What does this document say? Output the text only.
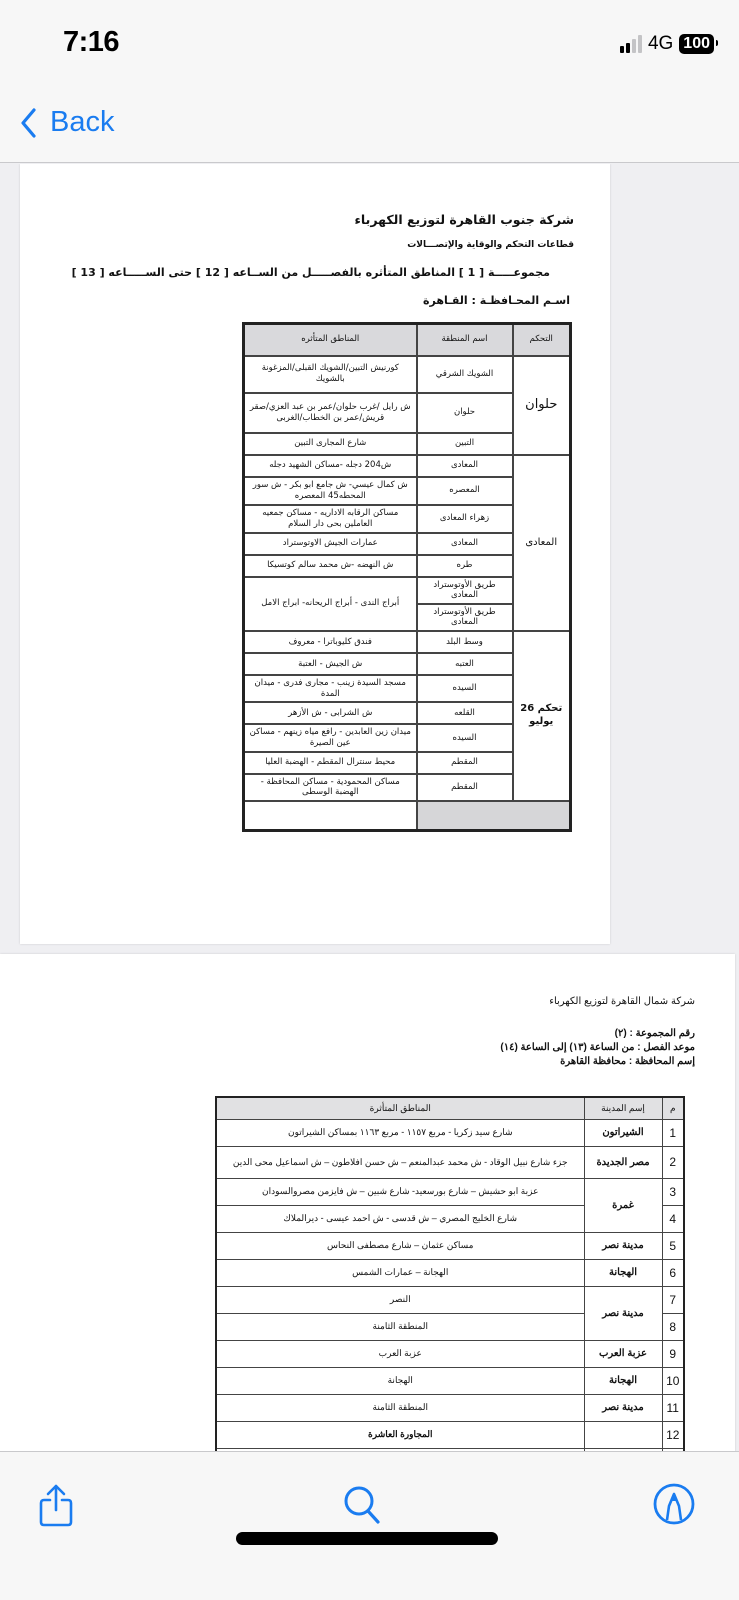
7:16	4G 100
Back
شركة جنوب القاهرة لتوزيع الكهرباء
قطاعات التحكم والوقاية والإتصـــالات
مجموعـــــة [ 1 ] المناطق المتأثره بالفصـــــل من الســاعه [ 12 ] حتى الســـــاعه [ 13 ]
اسـم المحـافظـة : القـاهرة
التحكم	اسم المنطقة	المناطق المتأثره
حلوان	الشويك الشرقي	كورنيش التبين/الشويك القبلى/المزغونة بالشويك
	حلوان	ش رايل /غرب حلوان/عمر بن عبد العزي/صقر قريش/عمر بن الخطاب/الغربى
	التبين	شارع المجارى التبين
المعادى	المعادى	ش204 دجله -مساكن الشهيد دجله
	المعصره	ش كمال عيسي- ش جامع ابو بكر - ش سور المحطه45 المعصره
	زهراء المعادى	مساكن الرقابه الاداريه - مساكن جمعيه العاملين بحى دار السلام
	المعادى	عمارات الجيش الاوتوستراد
	طره	ش النهضه -ش محمد سالم كوتسيكا
	طريق الأوتوستراد المعادى	أبراج الندى - أبراج الريحانه- ابراج الامل
	طريق الأوتوستراد المعادى	
تحكم 26 يوليو	وسط البلد	فندق كليوباترا - معروف
	العتبه	ش الجيش - العتبة
	السيده	مسجد السيدة زينب - مجارى فدرى - ميدان المدة
	القلعه	ش الشرابى - ش الأزهر
	السيده	ميدان زين العابدين - رافع مياه زينهم - مساكن عين الصيرة
	المقطم	محيط سنترال المقطم - الهضبة العليا
	المقطم	مساكن المحمودية - مساكن المحافظة - الهضبة الوسطى

شركة شمال القاهرة لتوزيع الكهرباء
رقم المجموعة : (٢)
موعد الفصل : من الساعة (١٣) إلى الساعة (١٤)
إسم المحافظة : محافظة القاهرة
م	إسم المدينة	المناطق المتأثرة
1	الشيراتون	شارع سيد زكريا - مربع ١١٥٧ - مربع ١١٦٣ بمساكن الشيراتون
2	مصر الجديدة	جزء شارع نبيل الوقاد - ش محمد عبدالمنعم – ش حسن افلاطون – ش اسماعيل محى الدين
3	غمرة	عزبة ابو حشيش – شارع بورسعيد- شارع شبين – ش فايزمن مصروالسودان
4		شارع الخليج المصري – ش قدسى - ش احمد عيسى - ديرالملاك
5	مدينة نصر	مساكن عثمان – شارع مصطفى النحاس
6	الهجانة	الهجانة – عمارات الشمس
7	مدينة نصر	النصر
8		المنطقة الثامنة
9	عزبة العرب	عزبة العرب
10	الهجانة	الهجانة
11	مدينة نصر	المنطقة الثامنة
12		المجاورة العاشرة
